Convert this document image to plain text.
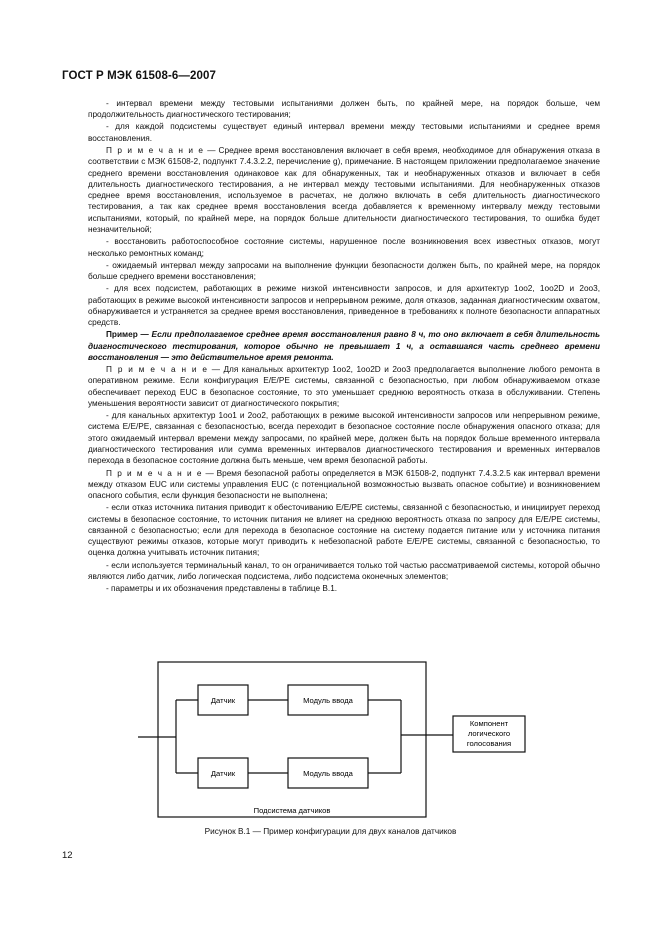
ГОСТ Р МЭК 61508-6—2007

- интервал времени между тестовыми испытаниями должен быть, по крайней мере, на порядок больше, чем продолжительность диагностического тестирования;

- для каждой подсистемы существует единый интервал времени между тестовыми испытаниями и среднее время восстановления.

П р и м е ч а н и е — Среднее время восстановления включает в себя время, необходимое для обнаружения отказа в соответствии с МЭК 61508-2, подпункт 7.4.3.2.2, перечисление g), примечание. В настоящем приложении предполагаемое значение среднего времени восстановления одинаковое как для обнаруженных, так и необнаруженных отказов и включает в себя длительность диагностического тестирования, а не интервал между тестовыми испытаниями. Для необнаруженных отказов среднее время восстановления, используемое в расчетах, не должно включать в себя длительность диагностического тестирования, а так как среднее время восстановления всегда добавляется к временному интервалу между тестовыми испытаниями, который, по крайней мере, на порядок больше длительности диагностического тестирования, то ошибка будет незначительной;

- восстановить работоспособное состояние системы, нарушенное после возникновения всех известных отказов, могут несколько ремонтных команд;

- ожидаемый интервал между запросами на выполнение функции безопасности должен быть, по крайней мере, на порядок больше среднего времени восстановления;

- для всех подсистем, работающих в режиме низкой интенсивности запросов, и для архитектур 1oo2, 1oo2D и 2oo3, работающих в режиме высокой интенсивности запросов и непрерывном режиме, доля отказов, заданная диагностическим охватом, обнаруживается и устраняется за среднее время восстановления, приведенное в требованиях к полноте безопасности аппаратных средств.

Пример — Если предполагаемое среднее время восстановления равно 8 ч, то оно включает в себя длительность диагностического тестирования, которое обычно не превышает 1 ч, а оставшаяся часть среднего времени восстановления — это действительное время ремонта.

П р и м е ч а н и е — Для канальных архитектур 1oo2, 1oo2D и 2oo3 предполагается выполнение любого ремонта в оперативном режиме. Если конфигурация E/E/PE системы, связанной с безопасностью, при любом обнаруживаемом отказе обеспечивает переход EUC в безопасное состояние, то это уменьшает среднюю вероятность отказа в обслуживании. Степень уменьшения вероятности зависит от диагностического покрытия;

- для канальных архитектур 1oo1 и 2oo2, работающих в режиме высокой интенсивности запросов или непрерывном режиме, система E/E/PE, связанная с безопасностью, всегда переходит в безопасное состояние после обнаружения опасного отказа; для этого ожидаемый интервал времени между запросами, по крайней мере, должен быть на порядок больше временного интервала диагностического тестирования или сумма временных интервалов диагностического тестирования и временных интервалов перехода в безопасное состояние должна быть меньше, чем время безопасной работы.

П р и м е ч а н и е — Время безопасной работы определяется в МЭК 61508-2, подпункт 7.4.3.2.5 как интервал времени между отказом EUC или системы управления EUC (с потенциальной возможностью вызвать опасное событие) и возникновением опасного события, если функция безопасности не выполнена;

- если отказ источника питания приводит к обесточиванию E/E/PE системы, связанной с безопасностью, и инициирует переход системы в безопасное состояние, то источник питания не влияет на среднюю вероятность отказа по запросу для E/E/PE системы, связанной с безопасностью; если для перехода в безопасное состояние на систему подается питание или у источника питания существуют режимы отказов, которые могут приводить к небезопасной работе E/E/PE системы, связанной с безопасностью, то оценка должна учитывать источник питания;

- если используется терминальный канал, то он ограничивается только той частью рассматриваемой системы, которой обычно являются либо датчик, либо логическая подсистема, либо подсистема оконечных элементов;

- параметры и их обозначения представлены в таблице В.1.

Датчик	Модуль ввода
Датчик	Модуль ввода
Компонент
логического
голосования
Подсистема датчиков
Рисунок В.1 — Пример конфигурации для двух каналов датчиков
12
